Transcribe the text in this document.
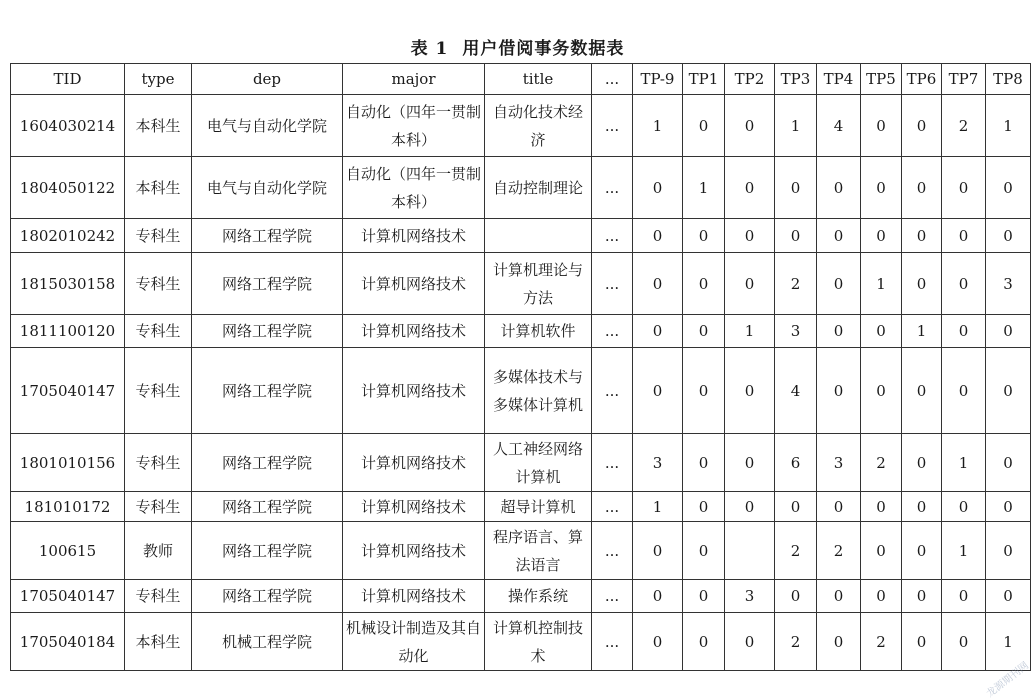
表 1 用户借阅事务数据表
TID	type	dep	major	title	...	TP-9	TP1	TP2	TP3	TP4	TP5	TP6	TP7	TP8
1604030214	本科生	电气与自动化学院	自动化（四年一贯制本科）	自动化技术经济	...	1	0	0	1	4	0	0	2	1
1804050122	本科生	电气与自动化学院	自动化（四年一贯制本科）	自动控制理论	...	0	1	0	0	0	0	0	0	0
1802010242	专科生	网络工程学院	计算机网络技术		...	0	0	0	0	0	0	0	0	0
1815030158	专科生	网络工程学院	计算机网络技术	计算机理论与方法	...	0	0	0	2	0	1	0	0	3
1811100120	专科生	网络工程学院	计算机网络技术	计算机软件	...	0	0	1	3	0	0	1	0	0
1705040147	专科生	网络工程学院	计算机网络技术	多媒体技术与多媒体计算机	...	0	0	0	4	0	0	0	0	0
1801010156	专科生	网络工程学院	计算机网络技术	人工神经网络计算机	...	3	0	0	6	3	2	0	1	0
181010172	专科生	网络工程学院	计算机网络技术	超导计算机	...	1	0	0	0	0	0	0	0	0
100615	教师	网络工程学院	计算机网络技术	程序语言、算法语言	...	0	0		2	2	0	0	1	0
1705040147	专科生	网络工程学院	计算机网络技术	操作系统	...	0	0	3	0	0	0	0	0	0
1705040184	本科生	机械工程学院	机械设计制造及其自动化	计算机控制技术	...	0	0	0	2	0	2	0	0	1
龙源期刊网
